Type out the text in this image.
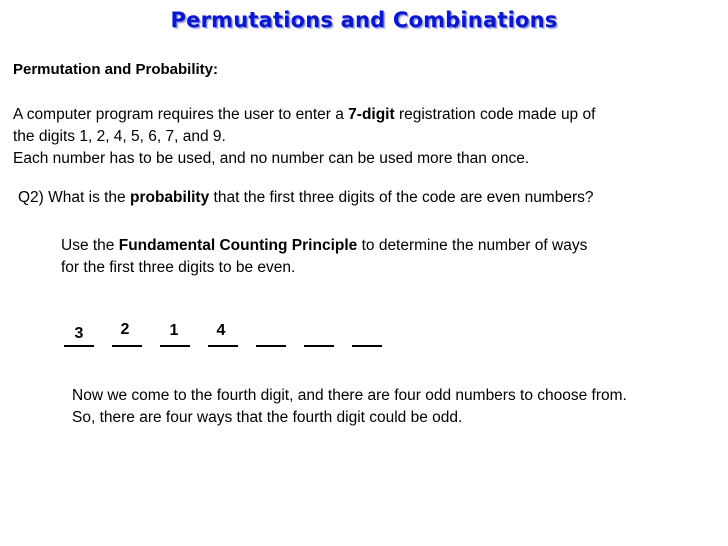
Permutations and Combinations
Permutation and Probability:
A computer program requires the user to enter a 7-digit registration code made up of
the digits 1, 2, 4, 5, 6, 7, and 9.
Each number has to be used, and no number can be used more than once.
Q2) What is the probability that the first three digits of the code are even numbers?
Use the Fundamental Counting Principle to determine the number of ways
for the first three digits to be even.
3	2	1	4
Now we come to the fourth digit, and there are four odd numbers to choose from.
So, there are four ways that the fourth digit could be odd.
